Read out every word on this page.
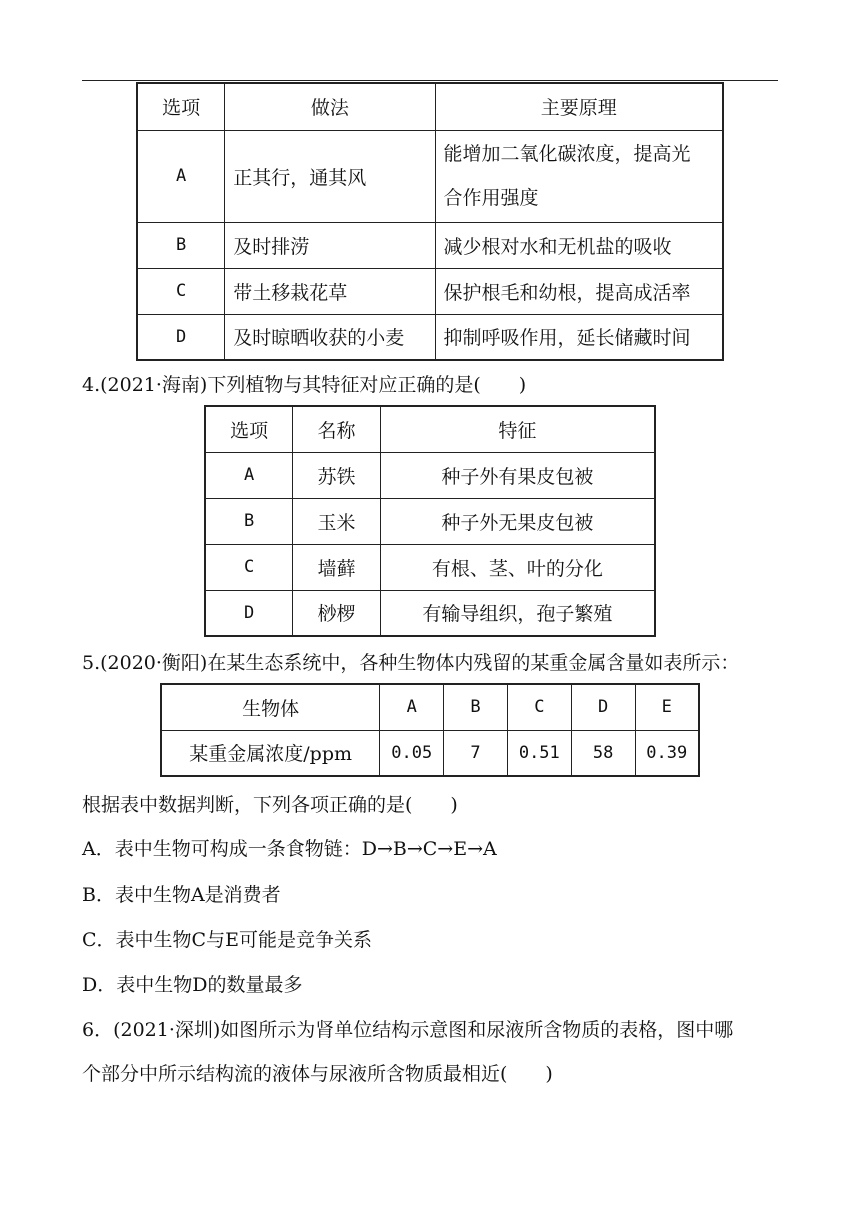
选项	做法	主要原理
A	正其行，通其风	能增加二氧化碳浓度，提高光
合作用强度

B	及时排涝	减少根对水和无机盐的吸收
C	带土移栽花草	保护根毛和幼根，提高成活率
D	及时晾晒收获的小麦	抑制呼吸作用，延长储藏时间
4.(2021·海南)下列植物与其特征对应正确的是(　　)
选项	名称	特征
A	苏铁	种子外有果皮包被
B	玉米	种子外无果皮包被
C	墙藓	有根、茎、叶的分化
D	桫椤	有输导组织，孢子繁殖
5.(2020·衡阳)在某生态系统中，各种生物体内残留的某重金属含量如表所示：
生物体	A	B	C	D	E
某重金属浓度/ppm	0.05	7	0.51	58	0.39
根据表中数据判断，下列各项正确的是(　　)
A．表中生物可构成一条食物链：D→B→C→E→A
B．表中生物A是消费者
C．表中生物C与E可能是竞争关系
D．表中生物D的数量最多
6．(2021·深圳)如图所示为肾单位结构示意图和尿液所含物质的表格，图中哪
个部分中所示结构流的液体与尿液所含物质最相近(　　)
